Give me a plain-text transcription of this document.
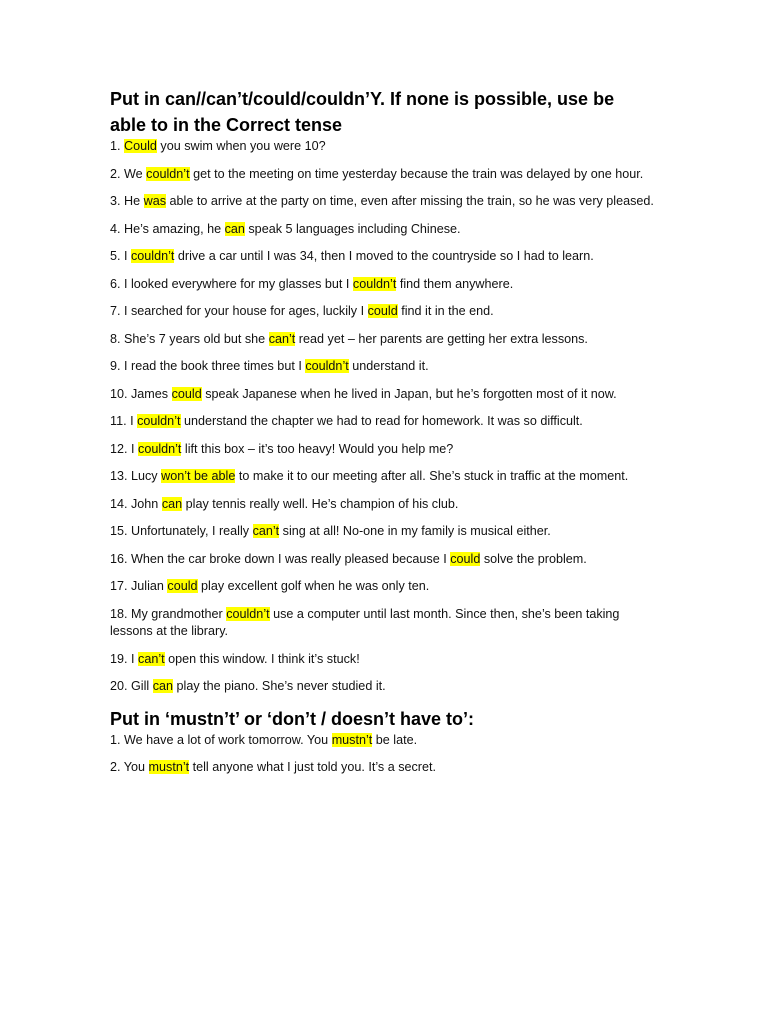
Put in can//can’t/could/couldn’Y. If none is possible, use be able to in the Correct tense
1. Could you swim when you were 10?
2. We couldn’t get to the meeting on time yesterday because the train was delayed by one hour.
3. He was able to arrive at the party on time, even after missing the train, so he was very pleased.
4. He’s amazing, he can speak 5 languages including Chinese.
5. I couldn’t drive a car until I was 34, then I moved to the countryside so I had to learn.
6. I looked everywhere for my glasses but I couldn’t find them anywhere.
7. I searched for your house for ages, luckily I could find it in the end.
8. She’s 7 years old but she can’t read yet – her parents are getting her extra lessons.
9. I read the book three times but I couldn’t understand it.
10. James could speak Japanese when he lived in Japan, but he’s forgotten most of it now.
11. I couldn’t understand the chapter we had to read for homework. It was so difficult.
12. I couldn’t lift this box – it’s too heavy! Would you help me?
13. Lucy won’t be able to make it to our meeting after all. She’s stuck in traffic at the moment.
14. John can play tennis really well. He’s champion of his club.
15. Unfortunately, I really can’t sing at all! No-one in my family is musical either.
16. When the car broke down I was really pleased because I could solve the problem.
17. Julian could play excellent golf when he was only ten.
18. My grandmother couldn’t use a computer until last month. Since then, she’s been taking lessons at the library.
19. I can’t open this window. I think it’s stuck!
20. Gill can play the piano. She’s never studied it.
Put in ‘mustn’t’ or ‘don’t / doesn’t have to’:
1. We have a lot of work tomorrow. You mustn’t be late.
2. You mustn’t tell anyone what I just told you. It’s a secret.
